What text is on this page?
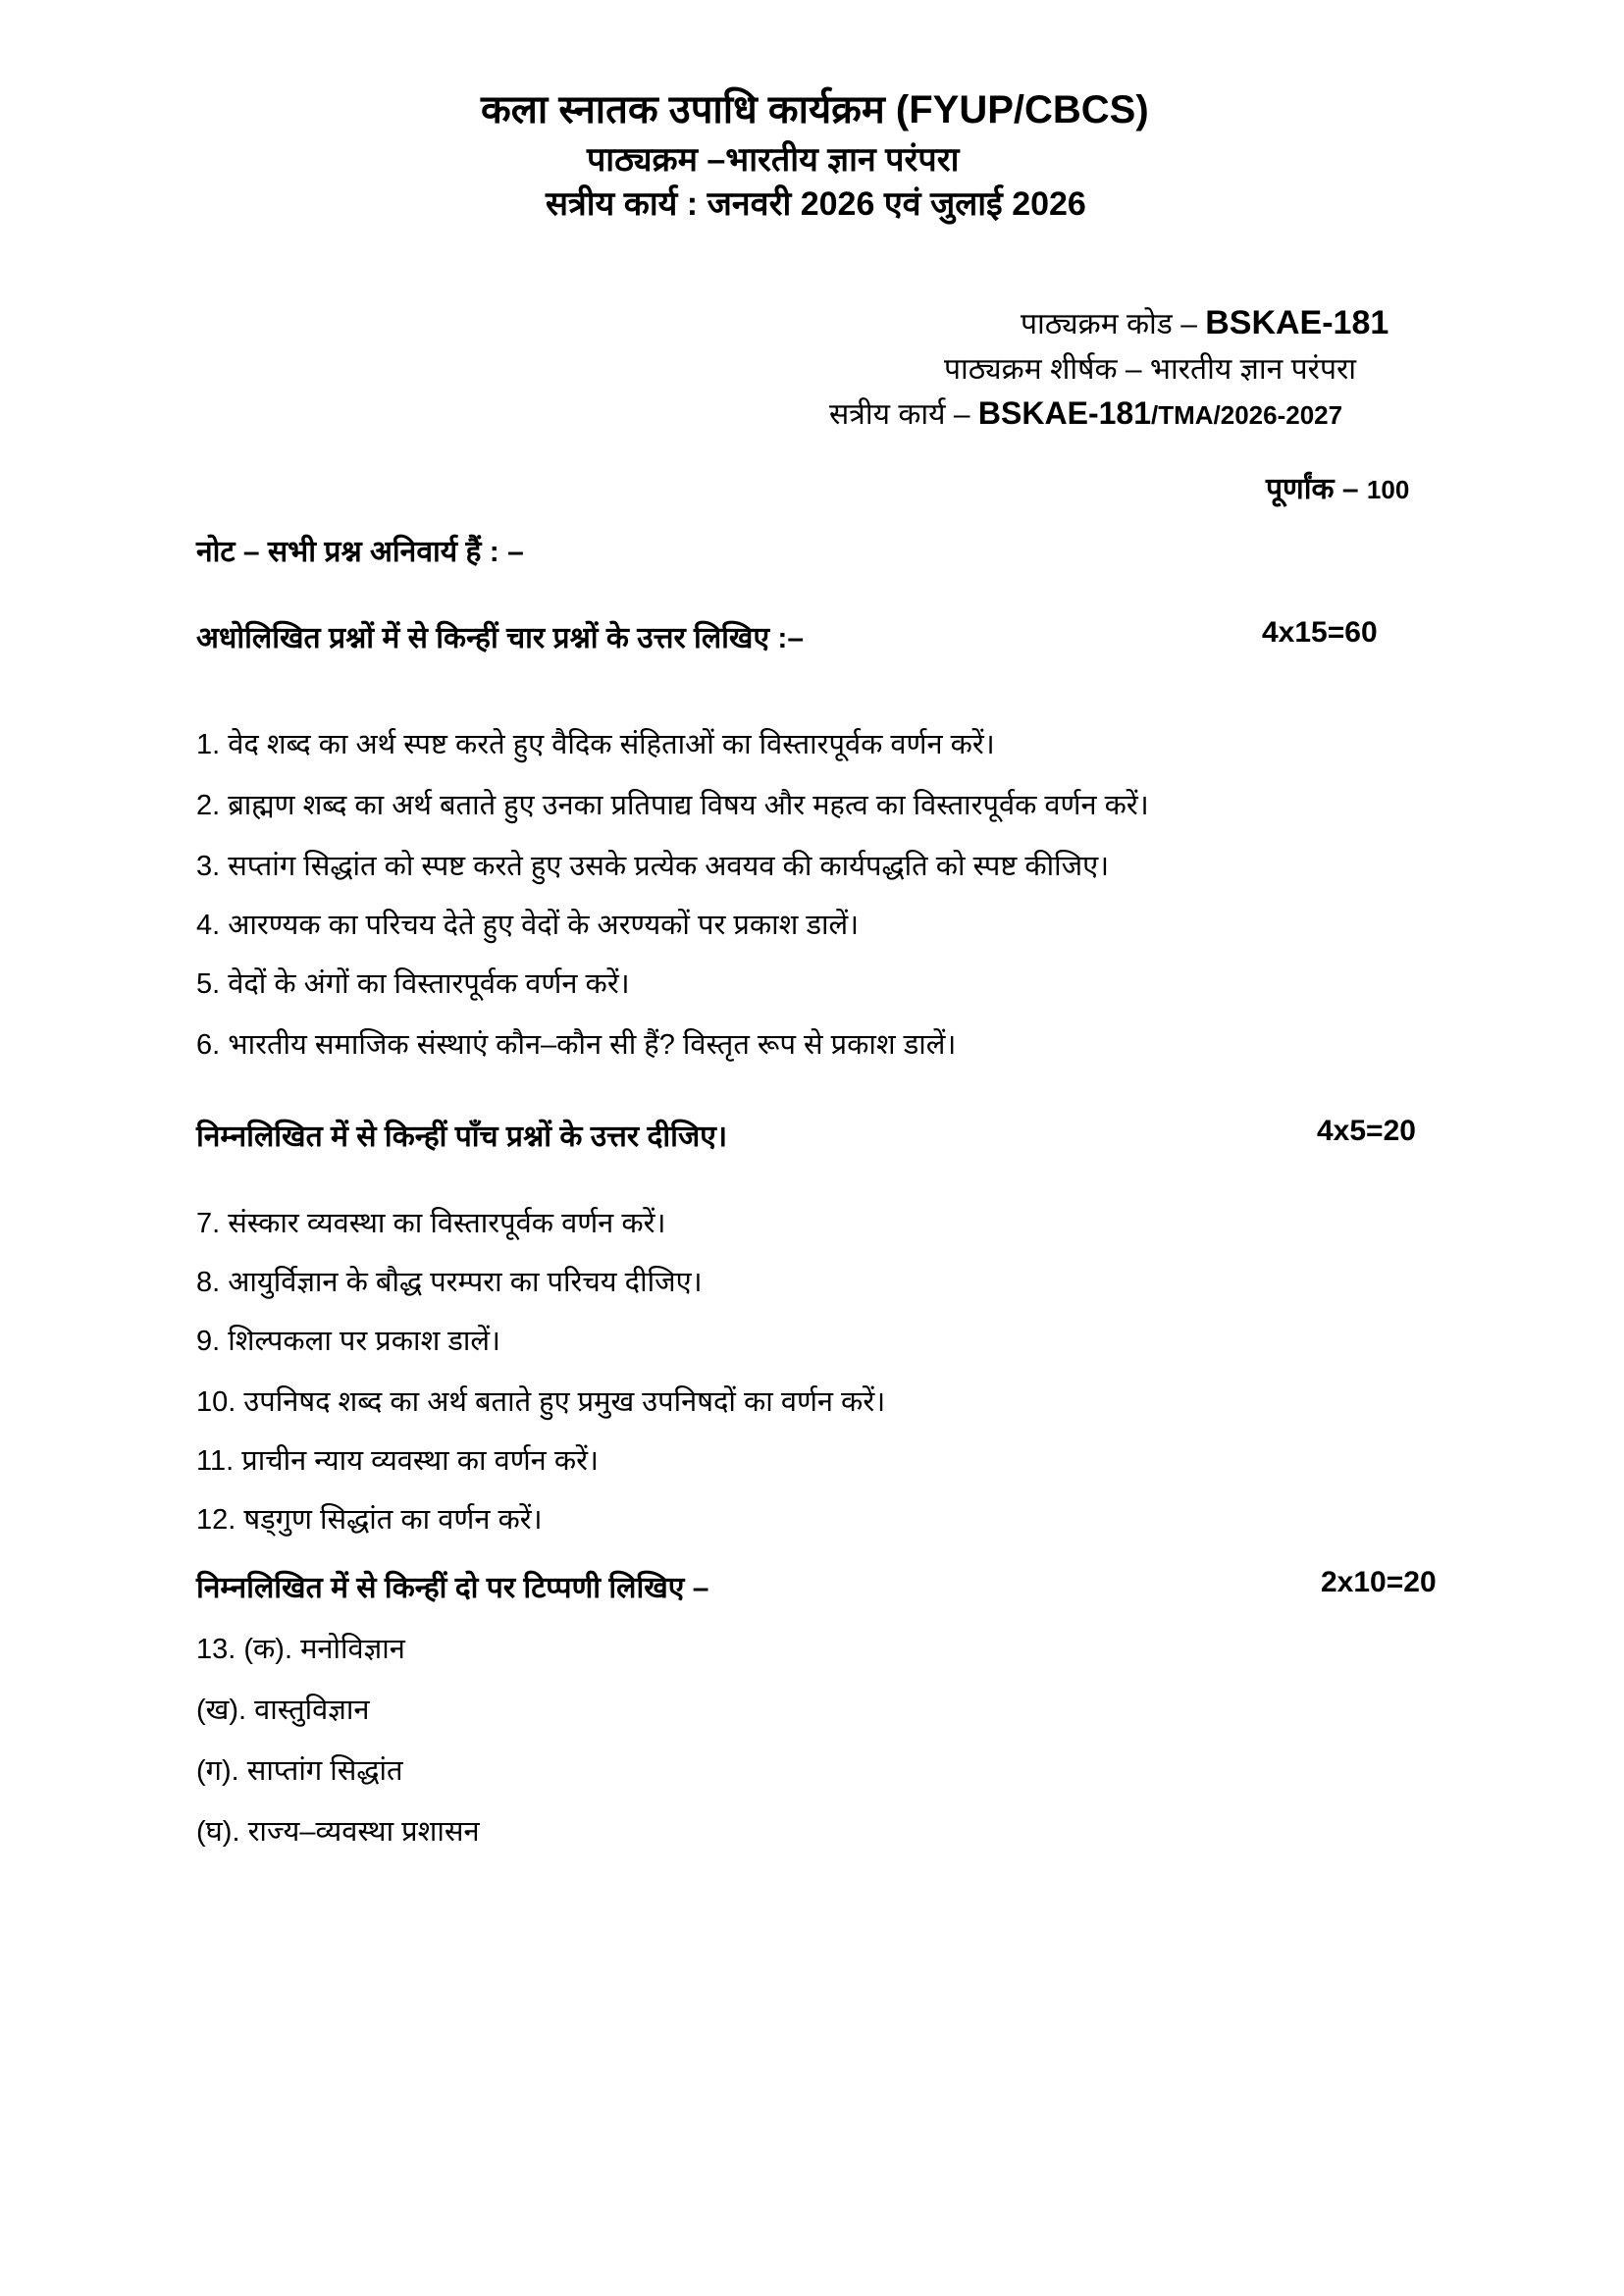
कला स्नातक उपाधि कार्यक्रम (FYUP/CBCS)
पाठ्यक्रम –भारतीय ज्ञान परंपरा
सत्रीय कार्य : जनवरी 2026 एवं जुलाई 2026
पाठ्यक्रम कोड – BSKAE-181
पाठ्यक्रम शीर्षक – भारतीय ज्ञान परंपरा
सत्रीय कार्य – BSKAE-181/TMA/2026-2027
पूर्णांक – 100
नोट – सभी प्रश्न अनिवार्य हैं : –
अधोलिखित प्रश्नों में से किन्हीं चार प्रश्नों के उत्तर लिखिए :–	4x15=60
1. वेद शब्द का अर्थ स्पष्ट करते हुए वैदिक संहिताओं का विस्तारपूर्वक वर्णन करें।
2. ब्राह्मण शब्द का अर्थ बताते हुए उनका प्रतिपाद्य विषय और महत्व का विस्तारपूर्वक वर्णन करें।
3. सप्तांग सिद्धांत को स्पष्ट करते हुए उसके प्रत्येक अवयव की कार्यपद्धति को स्पष्ट कीजिए।
4. आरण्यक का परिचय देते हुए वेदों के अरण्यकों पर प्रकाश डालें।
5. वेदों के अंगों का विस्तारपूर्वक वर्णन करें।
6. भारतीय समाजिक संस्थाएं कौन–कौन सी हैं? विस्तृत रूप से प्रकाश डालें।
निम्नलिखित में से किन्हीं पाँच प्रश्नों के उत्तर दीजिए।	4x5=20
7. संस्कार व्यवस्था का विस्तारपूर्वक वर्णन करें।
8. आयुर्विज्ञान के बौद्ध परम्परा का परिचय दीजिए।
9. शिल्पकला पर प्रकाश डालें।
10. उपनिषद शब्द का अर्थ बताते हुए प्रमुख उपनिषदों का वर्णन करें।
11. प्राचीन न्याय व्यवस्था का वर्णन करें।
12. षड्गुण सिद्धांत का वर्णन करें।
निम्नलिखित में से किन्हीं दो पर टिप्पणी लिखिए –	2x10=20
13. (क). मनोविज्ञान
(ख). वास्तुविज्ञान
(ग). साप्तांग सिद्धांत
(घ). राज्य–व्यवस्था प्रशासन
